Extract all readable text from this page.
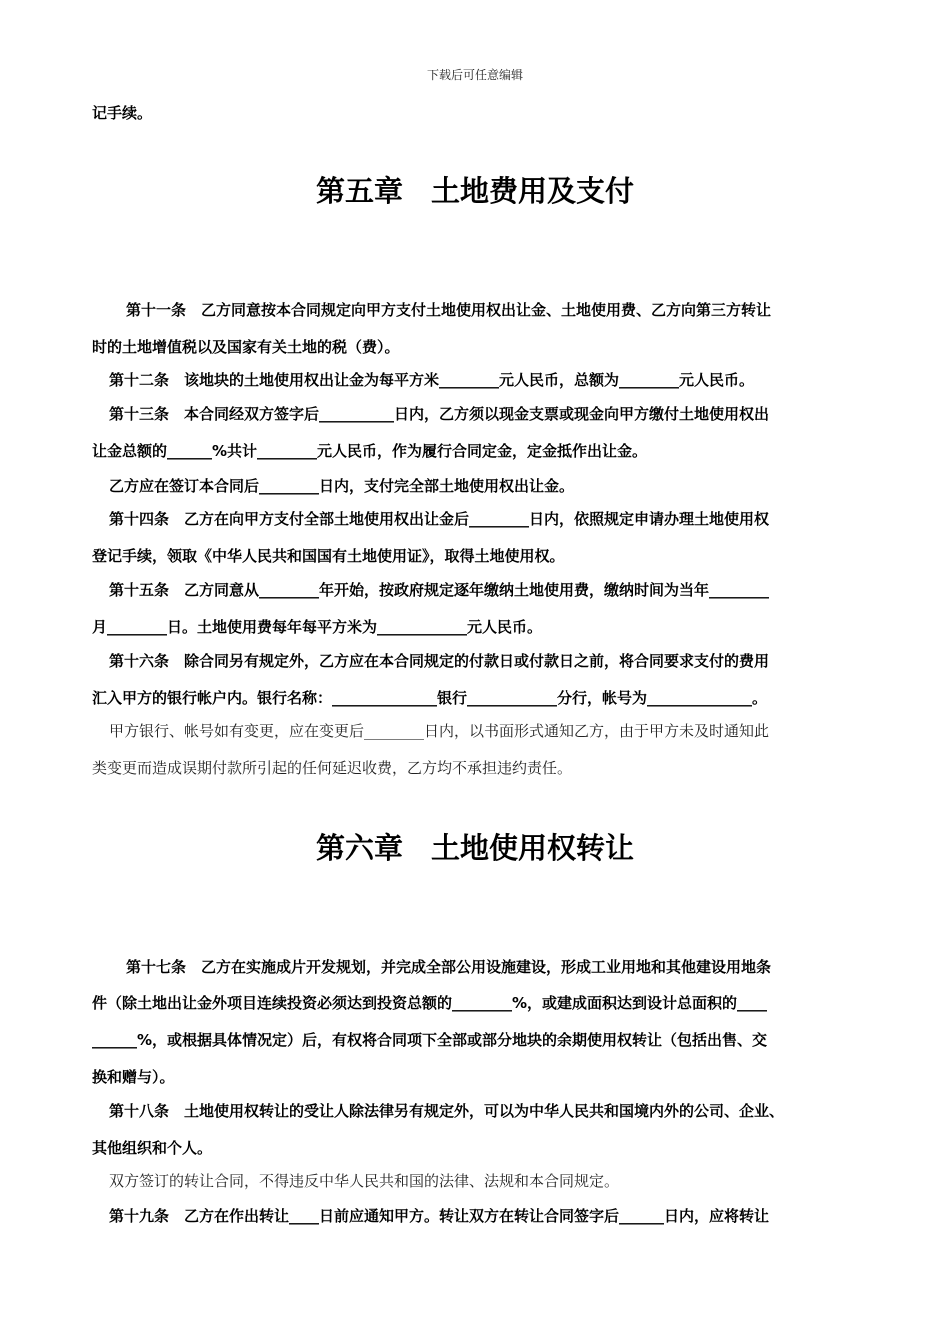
下载后可任意编辑
记手续。
第五章 土地费用及支付
第十一条　乙方同意按本合同规定向甲方支付土地使用权出让金、土地使用费、乙方向第三方转让
时的土地增值税以及国家有关土地的税（费）。
第十二条　该地块的土地使用权出让金为每平方米________元人民币，总额为________元人民币。
第十三条　本合同经双方签字后__________日内，乙方须以现金支票或现金向甲方缴付土地使用权出
让金总额的______%共计________元人民币，作为履行合同定金，定金抵作出让金。
乙方应在签订本合同后________日内，支付完全部土地使用权出让金。
第十四条　乙方在向甲方支付全部土地使用权出让金后________日内，依照规定申请办理土地使用权
登记手续，领取《中华人民共和国国有土地使用证》，取得土地使用权。
第十五条　乙方同意从________年开始，按政府规定逐年缴纳土地使用费，缴纳时间为当年________
月________日。土地使用费每年每平方米为____________元人民币。
第十六条　除合同另有规定外，乙方应在本合同规定的付款日或付款日之前，将合同要求支付的费用
汇入甲方的银行帐户内。银行名称：______________银行____________分行，帐号为______________。
甲方银行、帐号如有变更，应在变更后________日内，以书面形式通知乙方，由于甲方未及时通知此
类变更而造成误期付款所引起的任何延迟收费，乙方均不承担违约责任。
第六章 土地使用权转让
第十七条　乙方在实施成片开发规划，并完成全部公用设施建设，形成工业用地和其他建设用地条
件（除土地出让金外项目连续投资必须达到投资总额的________%，或建成面积达到设计总面积的____
______%，或根据具体情况定）后，有权将合同项下全部或部分地块的余期使用权转让（包括出售、交
换和赠与）。
第十八条　土地使用权转让的受让人除法律另有规定外，可以为中华人民共和国境内外的公司、企业、
其他组织和个人。
双方签订的转让合同，不得违反中华人民共和国的法律、法规和本合同规定。
第十九条　乙方在作出转让____日前应通知甲方。转让双方在转让合同签字后______日内，应将转让
